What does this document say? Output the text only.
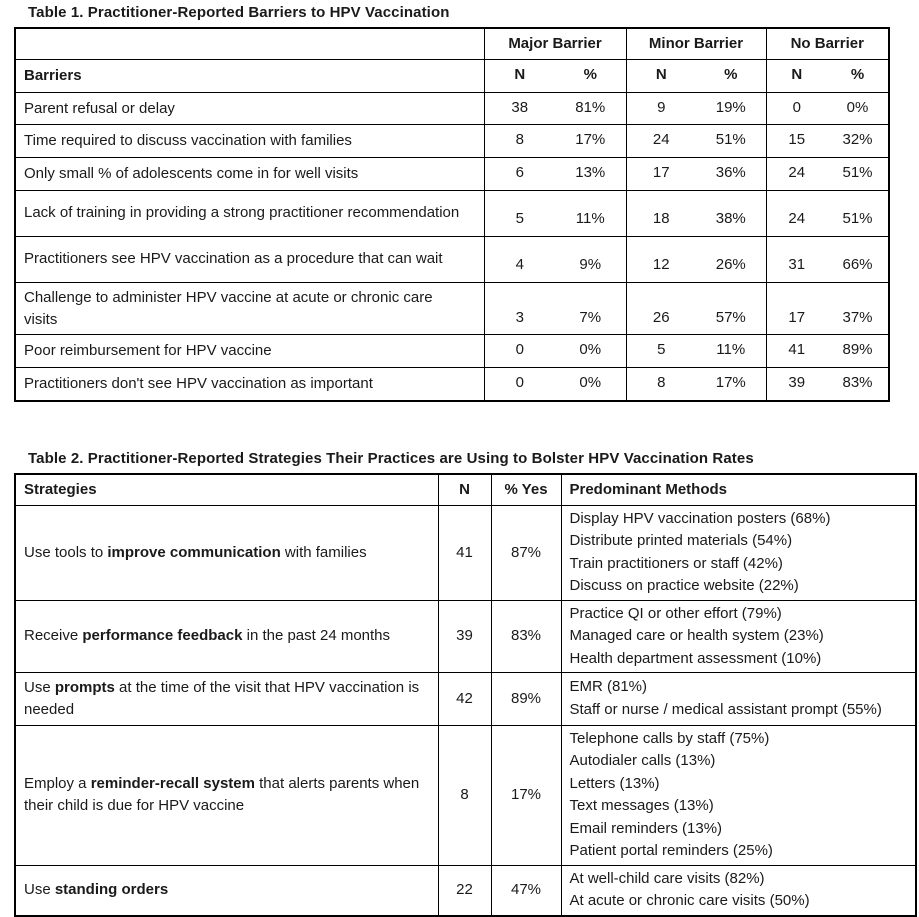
Table 1. Practitioner-Reported Barriers to HPV Vaccination
	Major Barrier		Minor Barrier		No Barrier	
Barriers	N	%	N	%	N	%
Parent refusal or delay	38	81%	9	19%	0	0%
Time required to discuss vaccination with families	8	17%	24	51%	15	32%
Only small % of adolescents come in for well visits	6	13%	17	36%	24	51%
Lack of training in providing a strong practitioner recommendation	5	11%	18	38%	24	51%
Practitioners see HPV vaccination as a procedure that can wait	4	9%	12	26%	31	66%
Challenge to administer HPV vaccine at acute or chronic care visits	3	7%	26	57%	17	37%
Poor reimbursement for HPV vaccine	0	0%	5	11%	41	89%
Practitioners don't see HPV vaccination as important	0	0%	8	17%	39	83%
Table 2. Practitioner-Reported Strategies Their Practices are Using to Bolster HPV Vaccination Rates
Strategies	N	% Yes	Predominant Methods
Use tools to improve communication with families	41	87%	Display HPV vaccination posters (68%)
Distribute printed materials (54%)
Train practitioners or staff (42%)
Discuss on practice website (22%)

Receive performance feedback in the past 24 months	39	83%	Practice QI or other effort (79%)
Managed care or health system (23%)
Health department assessment (10%)

Use prompts at the time of the visit that HPV vaccination is needed	42	89%	EMR (81%)
Staff or nurse / medical assistant prompt (55%)

Employ a reminder-recall system that alerts parents when their child is due for HPV vaccine	8	17%	
Telephone calls by staff (75%)
Autodialer calls (13%)
Letters (13%)
Text messages (13%)
Email reminders (13%)
Patient portal reminders (25%)

Use standing orders	22	47%	At well-child care visits (82%)
At acute or chronic care visits (50%)
